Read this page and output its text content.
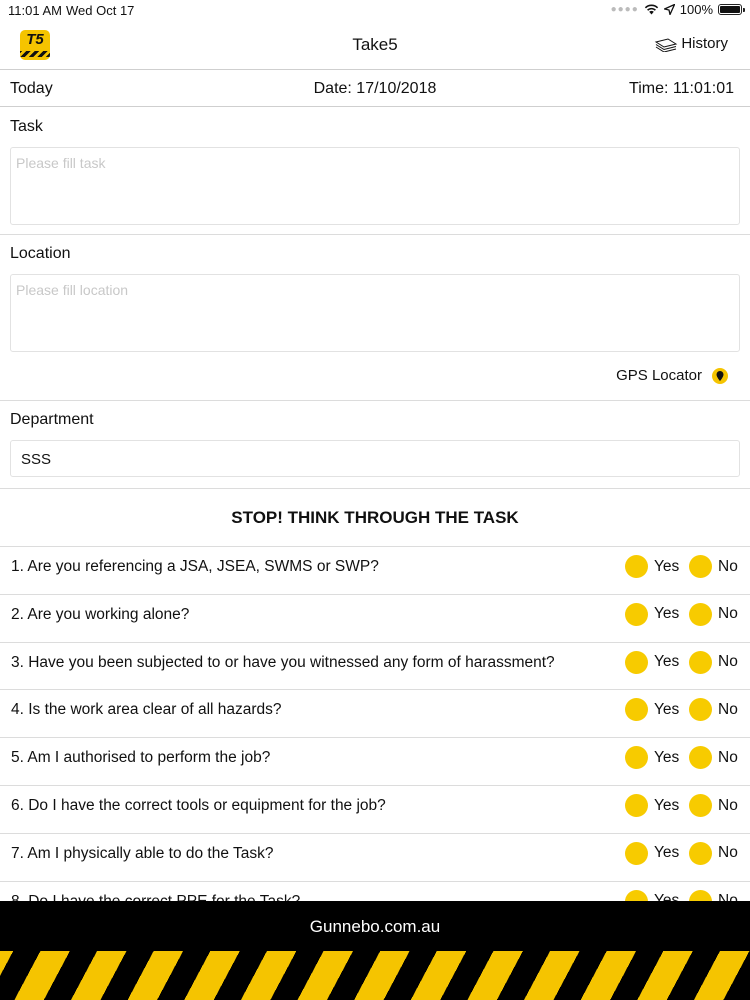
11:01 AM Wed Oct 17	●●●●	100%
T5	Take5	History
Today	Date: 17/10/2018	Time: 11:01:01
Task
Please fill task
Location
Please fill location
GPS Locator
Department
SSS
STOP! THINK THROUGH THE TASK
1. Are you referencing a JSA, JSEA, SWMS or SWP?	Yes No
2. Are you working alone?	Yes No
3. Have you been subjected to or have you witnessed any form of harassment?	Yes No
4. Is the work area clear of all hazards?	Yes No
5. Am I authorised to perform the job?	Yes No
6. Do I have the correct tools or equipment for the job?	Yes No
7. Am I physically able to do the Task?	Yes No
Gunnebo.com.au
